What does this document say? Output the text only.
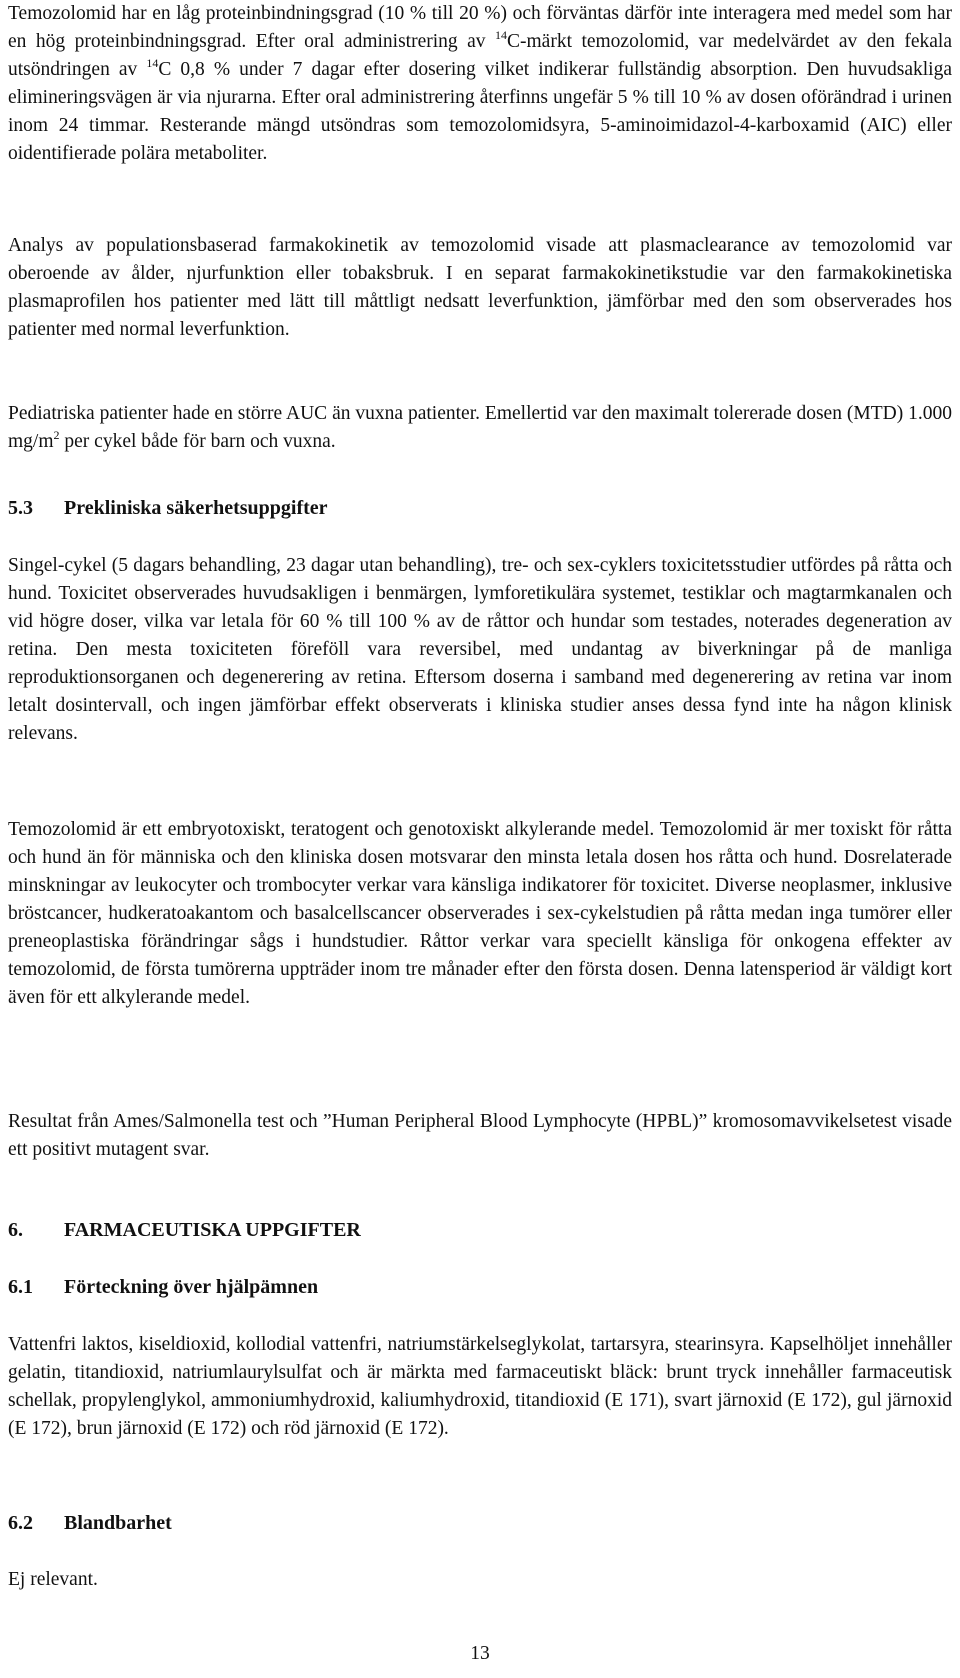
Temozolomid har en låg proteinbindningsgrad (10 % till 20 %) och förväntas därför inte interagera med medel som har en hög proteinbindningsgrad. Efter oral administrering av $^{14}$C-märkt temozolomid, var medelvärdet av den fekala utsöndringen av $^{14}$C 0,8 % under 7 dagar efter dosering vilket indikerar fullständig absorption. Den huvudsakliga elimineringsvägen är via njurarna. Efter oral administrering återfinns ungefär 5 % till 10 % av dosen oförändrad i urinen inom 24 timmar. Resterande mängd utsöndras som temozolomidsyra, 5-aminoimidazol-4-karboxamid (AIC) eller oidentifierade polära metaboliter.

Analys av populationsbaserad farmakokinetik av temozolomid visade att plasmaclearance av temozolomid var oberoende av ålder, njurfunktion eller tobaksbruk. I en separat farmakokinetikstudie var den farmakokinetiska plasmaprofilen hos patienter med lätt till måttligt nedsatt leverfunktion, jämförbar med den som observerades hos patienter med normal leverfunktion.

Pediatriska patienter hade en större AUC än vuxna patienter. Emellertid var den maximalt tolererade dosen (MTD) 1.000 $mg/m^2$ per cykel både för barn och vuxna.

5.3	Prekliniska säkerhetsuppgifter

Singel-cykel (5 dagars behandling, 23 dagar utan behandling), tre- och sex-cyklers toxicitetsstudier utfördes på råtta och hund. Toxicitet observerades huvudsakligen i benmärgen, lymforetikulära systemet, testiklar och magtarmkanalen och vid högre doser, vilka var letala för 60 % till 100 % av de råttor och hundar som testades, noterades degeneration av retina. Den mesta toxiciteten föreföll vara reversibel, med undantag av biverkningar på de manliga reproduktionsorganen och degenerering av retina. Eftersom doserna i samband med degenerering av retina var inom letalt dosintervall, och ingen jämförbar effekt observerats i kliniska studier anses dessa fynd inte ha någon klinisk relevans.

Temozolomid är ett embryotoxiskt, teratogent och genotoxiskt alkylerande medel. Temozolomid är mer toxiskt för råtta och hund än för människa och den kliniska dosen motsvarar den minsta letala dosen hos råtta och hund. Dosrelaterade minskningar av leukocyter och trombocyter verkar vara känsliga indikatorer för toxicitet. Diverse neoplasmer, inklusive bröstcancer, hudkeratoakantom och basalcellscancer observerades i sex-cykelstudien på råtta medan inga tumörer eller preneoplastiska förändringar sågs i hundstudier. Råttor verkar vara speciellt känsliga för onkogena effekter av temozolomid, de första tumörerna uppträder inom tre månader efter den första dosen. Denna latensperiod är väldigt kort även för ett alkylerande medel.

Resultat från Ames/Salmonella test och ”Human Peripheral Blood Lymphocyte (HPBL)” kromosomavvikelsetest visade ett positivt mutagent svar.

6.	FARMACEUTISKA UPPGIFTER
6.1	Förteckning över hjälpämnen

Vattenfri laktos, kiseldioxid, kollodial vattenfri, natriumstärkelseglykolat, tartarsyra, stearinsyra. Kapselhöljet innehåller gelatin, titandioxid, natriumlaurylsulfat och är märkta med farmaceutiskt bläck: brunt tryck innehåller farmaceutisk schellak, propylenglykol, ammoniumhydroxid, kaliumhydroxid, titandioxid (E 171), svart järnoxid (E 172), gul järnoxid (E 172), brun järnoxid (E 172) och röd järnoxid (E 172).

6.2	Blandbarhet

Ej relevant.

13
